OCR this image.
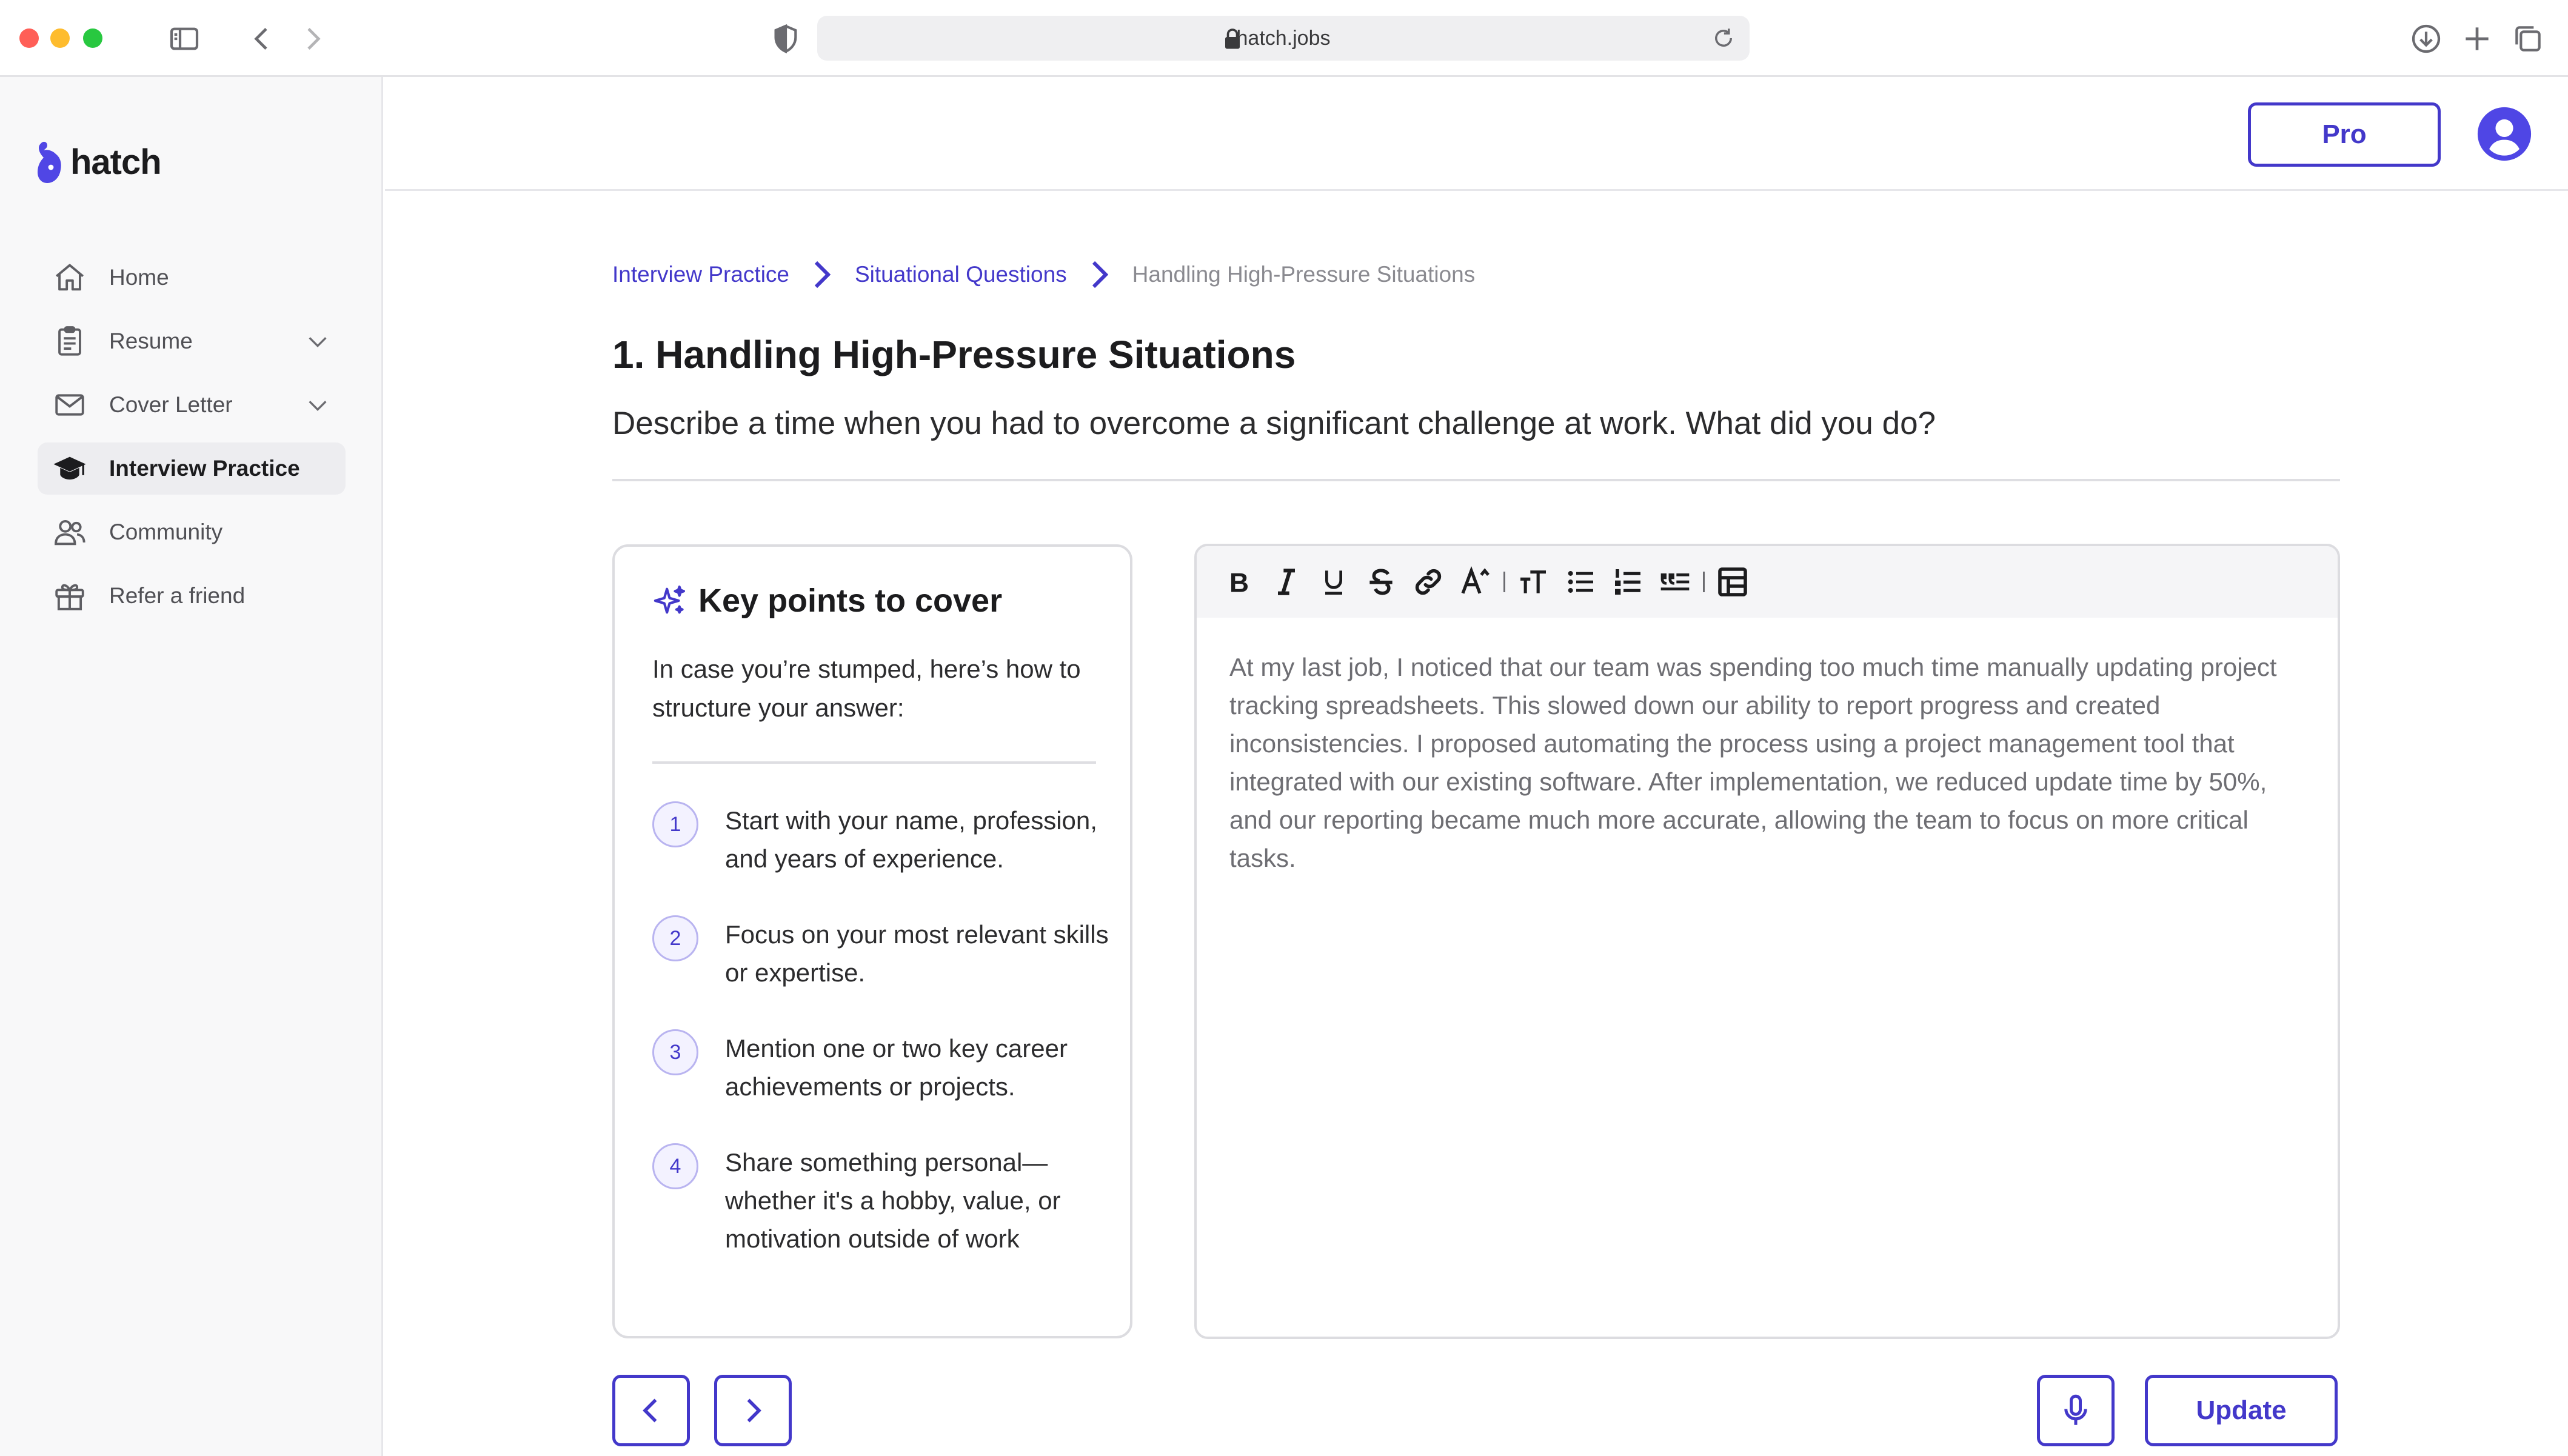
hatch.jobs
hatch
Home
Resume
Cover Letter
Interview Practice
Community
Refer a friend
Pro
Interview Practice	Situational Questions	Handling High-Pressure Situations
1. Handling High-Pressure Situations

Describe a time when you had to overcome a significant challenge at work. What did you do?

Key points to cover

In case you’re stumped, here’s how to structure your answer:

1	Start with your name, profession, and years of experience.
2	Focus on your most relevant skills or expertise.
3	Mention one or two key career achievements or projects.
4	Share something personal—whether it's a hobby, value, or motivation outside of work
B
At my last job, I noticed that our team was spending too much time manually updating project tracking spreadsheets. This slowed down our ability to report progress and created inconsistencies. I proposed automating the process using a project management tool that integrated with our existing software. After implementation, we reduced update time by 50%, and our reporting became much more accurate, allowing the team to focus on more critical tasks.
Update
